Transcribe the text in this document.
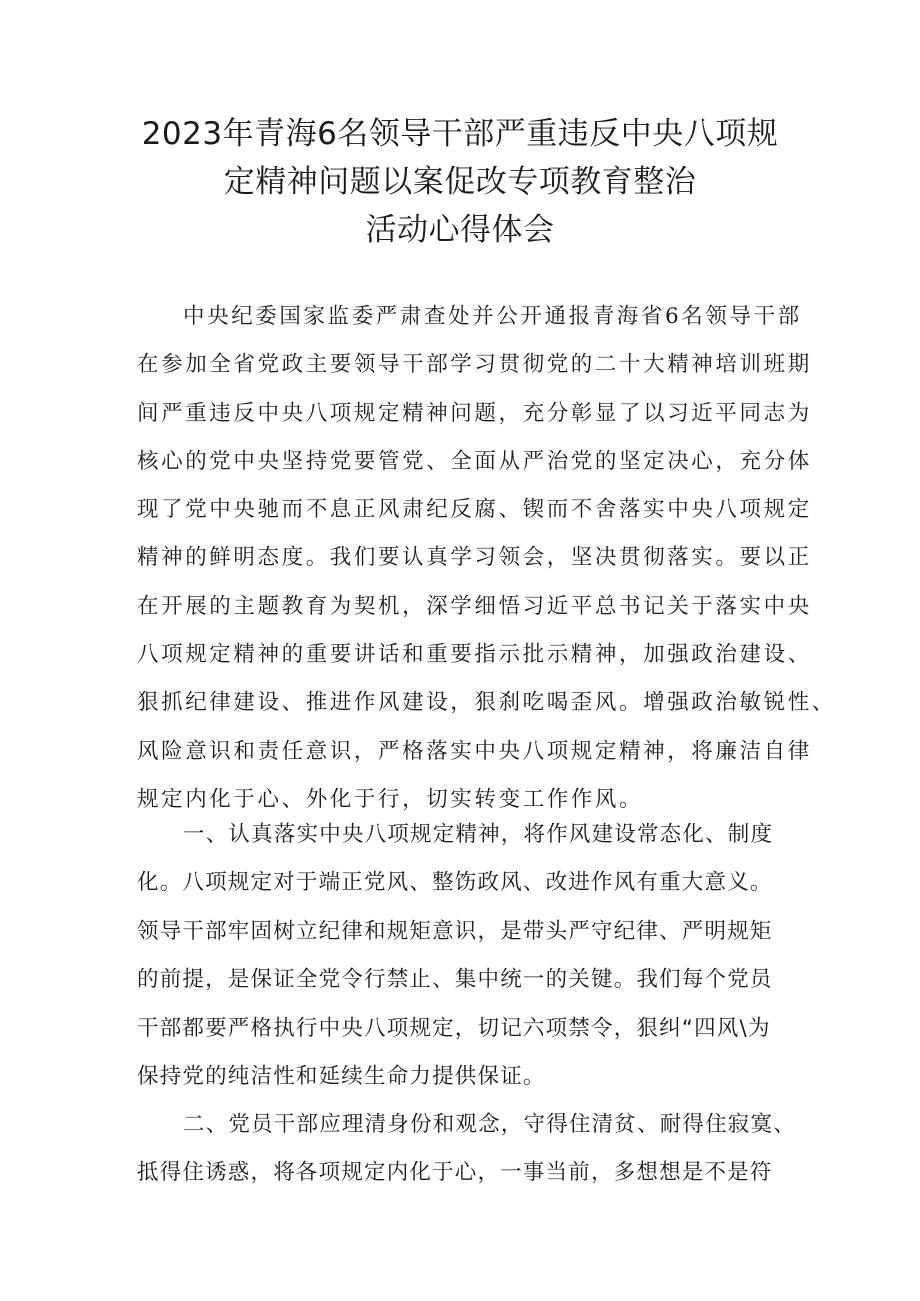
2023年青海6名领导干部严重违反中央八项规
定精神问题以案促改专项教育整治
活动心得体会
中央纪委国家监委严肃查处并公开通报青海省6名领导干部
在参加全省党政主要领导干部学习贯彻党的二十大精神培训班期
间严重违反中央八项规定精神问题，充分彰显了以习近平同志为
核心的党中央坚持党要管党、全面从严治党的坚定决心，充分体
现了党中央驰而不息正风肃纪反腐、锲而不舍落实中央八项规定
精神的鲜明态度。我们要认真学习领会，坚决贯彻落实。要以正
在开展的主题教育为契机，深学细悟习近平总书记关于落实中央
八项规定精神的重要讲话和重要指示批示精神，加强政治建设、
狠抓纪律建设、推进作风建设，狠刹吃喝歪风。增强政治敏锐性、
风险意识和责任意识，严格落实中央八项规定精神，将廉洁自律
规定内化于心、外化于行，切实转变工作作风。
一、认真落实中央八项规定精神，将作风建设常态化、制度
化。八项规定对于端正党风、整饬政风、改进作风有重大意义。
领导干部牢固树立纪律和规矩意识，是带头严守纪律、严明规矩
的前提，是保证全党令行禁止、集中统一的关键。我们每个党员
干部都要严格执行中央八项规定，切记六项禁令，狠纠“四风\为
保持党的纯洁性和延续生命力提供保证。
二、党员干部应理清身份和观念，守得住清贫、耐得住寂寞、
抵得住诱惑，将各项规定内化于心，一事当前，多想想是不是符
